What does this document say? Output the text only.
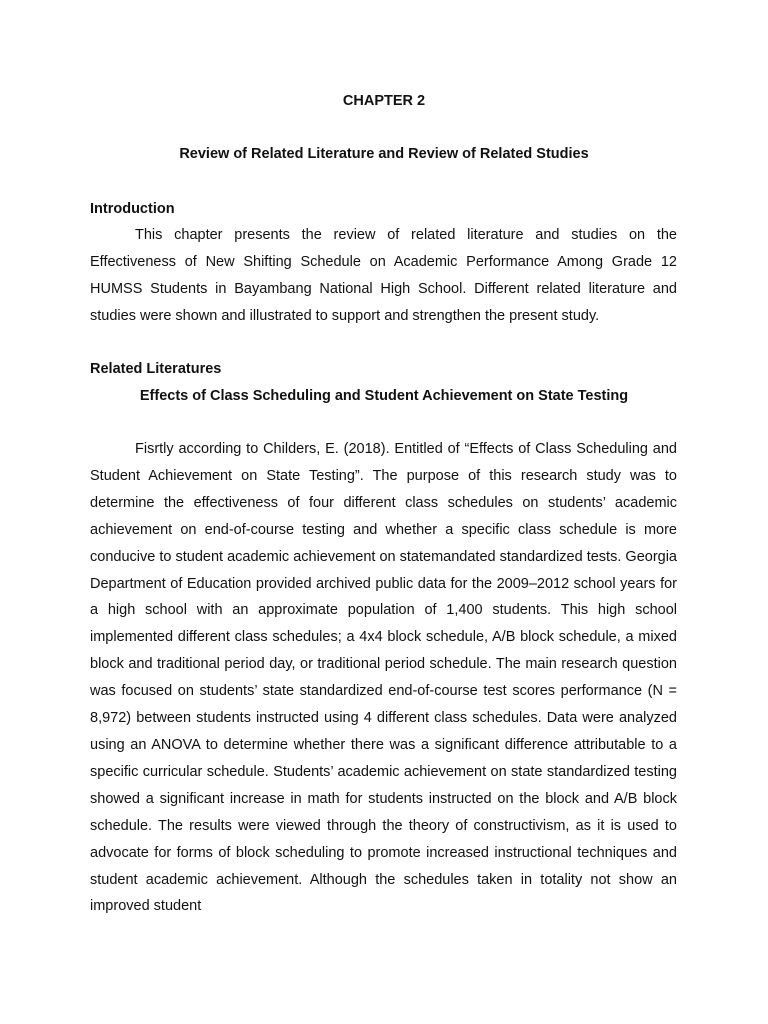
CHAPTER 2
Review of Related Literature and Review of Related Studies
Introduction

This chapter presents the review of related literature and studies on the Effectiveness of New Shifting Schedule on Academic Performance Among Grade 12 HUMSS Students in Bayambang National High School. Different related literature and studies were shown and illustrated to support and strengthen the present study.

Related Literatures
Effects of Class Scheduling and Student Achievement on State Testing

Fisrtly according to Childers, E. (2018). Entitled of “Effects of Class Scheduling and Student Achievement on State Testing”. The purpose of this research study was to determine the effectiveness of four different class schedules on students’ academic achievement on end-of-course testing and whether a specific class schedule is more conducive to student academic achievement on statemandated standardized tests. Georgia Department of Education provided archived public data for the 2009–2012 school years for a high school with an approximate population of 1,400 students. This high school implemented different class schedules; a 4x4 block schedule, A/B block schedule, a mixed block and traditional period day, or traditional period schedule. The main research question was focused on students’ state standardized end-of-course test scores performance (N = 8,972) between students instructed using 4 different class schedules. Data were analyzed using an ANOVA to determine whether there was a significant difference attributable to a specific curricular schedule. Students’ academic achievement on state standardized testing showed a significant increase in math for students instructed on the block and A/B block schedule. The results were viewed through the theory of constructivism, as it is used to advocate for forms of block scheduling to promote increased instructional techniques and student academic achievement. Although the schedules taken in totality not show an improved student
